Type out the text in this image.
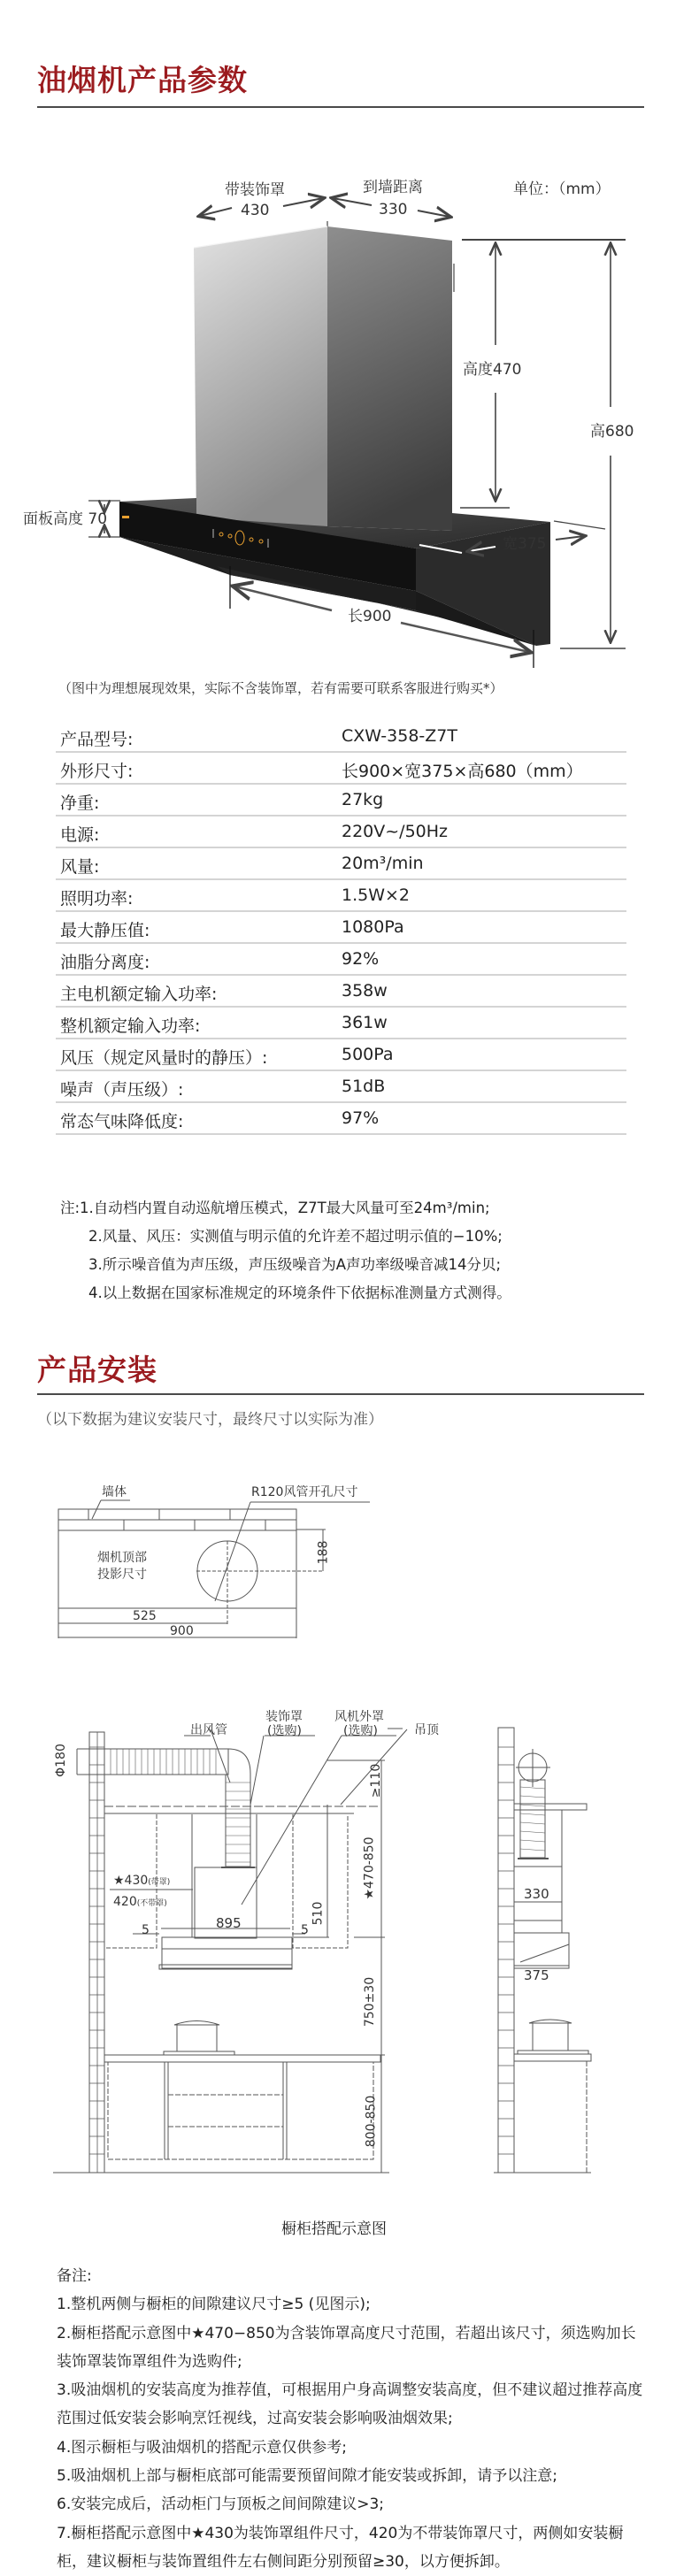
油烟机产品参数
带装饰罩
430
到墙距离
330
单位：（mm）
高度470
高680
面板高度 70
宽375
长900
（图中为理想展现效果，实际不含装饰罩，若有需要可联系客服进行购买*）
产品型号:	CXW-358-Z7T
外形尺寸:	长900×宽375×高680（mm）
净重:	27kg
电源:	220V~/50Hz
风量:	20m³/min
照明功率:	1.5W×2
最大静压值:	1080Pa
油脂分离度:	92%
主电机额定输入功率:	358w
整机额定输入功率:	361w
风压（规定风量时的静压）:	500Pa
噪声（声压级）:	51dB
常态气味降低度:	97%
注:1.自动档内置自动巡航增压模式，Z7T最大风量可至24m³/min;
2.风量、风压：实测值与明示值的允许差不超过明示值的−10%;
3.所示噪音值为声压级，声压级噪音为A声功率级噪音减14分贝;
4.以上数据在国家标准规定的环境条件下依据标准测量方式测得。
产品安装
（以下数据为建议安装尺寸，最终尺寸以实际为准）
墙体	R120风管开孔尺寸
烟机顶部
投影尺寸
188
525
900
出风管
装饰罩
(选购)
风机外罩
(选购)	吊顶
Φ180
≥110
★470-850
★430(带罩)
420(不带罩)
895	510
5	5
750±30
800-850
330
375
橱柜搭配示意图
备注:
1.整机两侧与橱柜的间隙建议尺寸≥5 (见图示);
2.橱柜搭配示意图中★470−850为含装饰罩高度尺寸范围，若超出该尺寸，须选购加长装饰罩装饰罩组件为选购件;
3.吸油烟机的安装高度为推荐值，可根据用户身高调整安装高度，但不建议超过推荐高度范围过低安装会影响烹饪视线，过高安装会影响吸油烟效果;
4.图示橱柜与吸油烟机的搭配示意仅供参考;
5.吸油烟机上部与橱柜底部可能需要预留间隙才能安装或拆卸，请予以注意;
6.安装完成后，活动柜门与顶板之间间隙建议>3;
7.橱柜搭配示意图中★430为装饰罩组件尺寸，420为不带装饰罩尺寸，两侧如安装橱柜，建议橱柜与装饰置组件左右侧间距分别预留≥30，以方便拆卸。
